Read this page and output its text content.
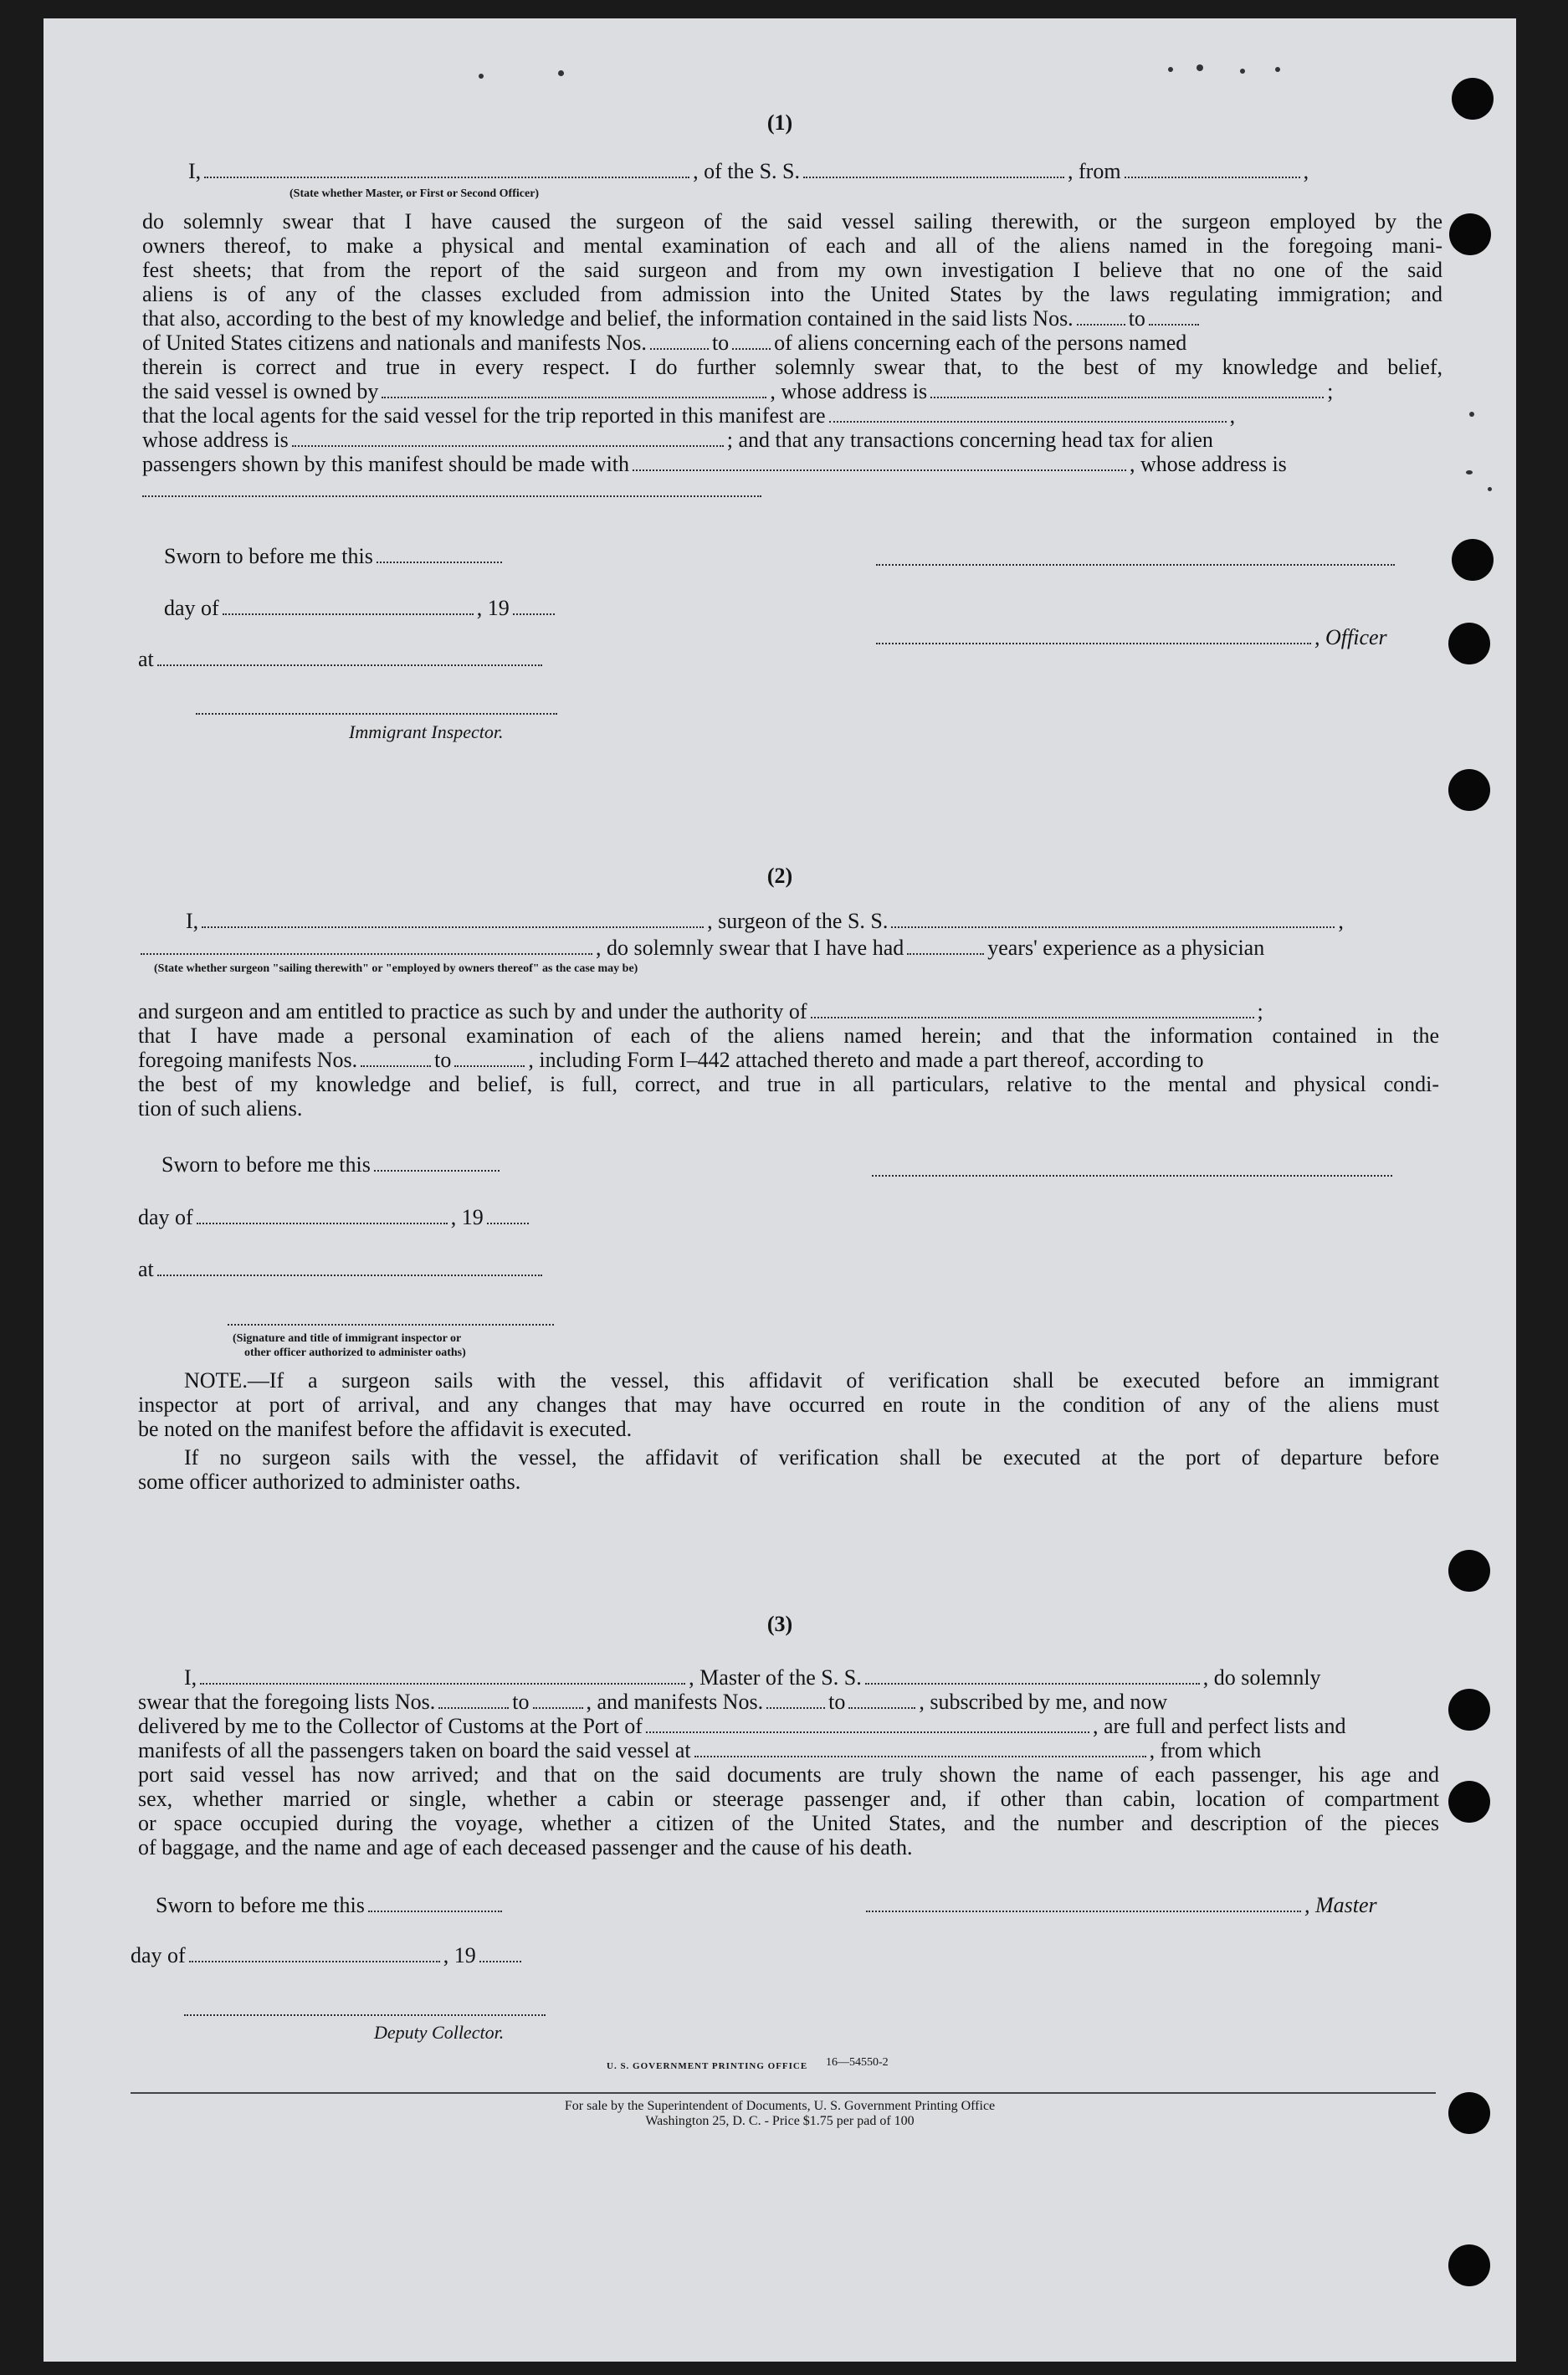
(1)
I,	, of the S. S.	, from	,
(State whether Master, or First or Second Officer)
do solemnly swear that I have caused the surgeon of the said vessel sailing therewith, or the surgeon employed by the
owners thereof, to make a physical and mental examination of each and all of the aliens named in the foregoing mani-
fest sheets; that from the report of the said surgeon and from my own investigation I believe that no one of the said
aliens is of any of the classes excluded from admission into the United States by the laws regulating immigration; and
that also, according to the best of my knowledge and belief, the information contained in the said lists Nos.	to
of United States citizens and nationals and manifests Nos.	to of aliens concerning each of the persons named
therein is correct and true in every respect. I do further solemnly swear that, to the best of my knowledge and belief,
the said vessel is owned by	, whose address is	;
that the local agents for the said vessel for the trip reported in this manifest are	,
whose address is	; and that any transactions concerning head tax for alien
passengers shown by this manifest should be made with	, whose address is
Sworn to before me this
day of	, 19
at
Immigrant Inspector.
, Officer
(2)
I,	, surgeon of the S. S.	,
, do solemnly swear that I have had	years' experience as a physician
(State whether surgeon "sailing therewith" or "employed by owners thereof" as the case may be)
and surgeon and am entitled to practice as such by and under the authority of	;
that I have made a personal examination of each of the aliens named herein; and that the information contained in the
foregoing manifests Nos.	to	, including Form I–442 attached thereto and made a part thereof, according to
the best of my knowledge and belief, is full, correct, and true in all particulars, relative to the mental and physical condi-
tion of such aliens.
Sworn to before me this
day of	, 19
at
(Signature and title of immigrant inspector or
other officer authorized to administer oaths)
NOTE.—If a surgeon sails with the vessel, this affidavit of verification shall be executed before an immigrant
inspector at port of arrival, and any changes that may have occurred en route in the condition of any of the aliens must
be noted on the manifest before the affidavit is executed.
If no surgeon sails with the vessel, the affidavit of verification shall be executed at the port of departure before
some officer authorized to administer oaths.
(3)
I,	, Master of the S. S.	, do solemnly
swear that the foregoing lists Nos.	to	, and manifests Nos.	to	, subscribed by me, and now
delivered by me to the Collector of Customs at the Port of	, are full and perfect lists and
manifests of all the passengers taken on board the said vessel at	, from which
port said vessel has now arrived; and that on the said documents are truly shown the name of each passenger, his age and
sex, whether married or single, whether a cabin or steerage passenger and, if other than cabin, location of compartment
or space occupied during the voyage, whether a citizen of the United States, and the number and description of the pieces
of baggage, and the name and age of each deceased passenger and the cause of his death.
Sworn to before me this	, Master
day of	, 19
Deputy Collector.
U. S. GOVERNMENT PRINTING OFFICE 16—54550-2
For sale by the Superintendent of Documents, U. S. Government Printing Office
Washington 25, D. C. - Price $1.75 per pad of 100
